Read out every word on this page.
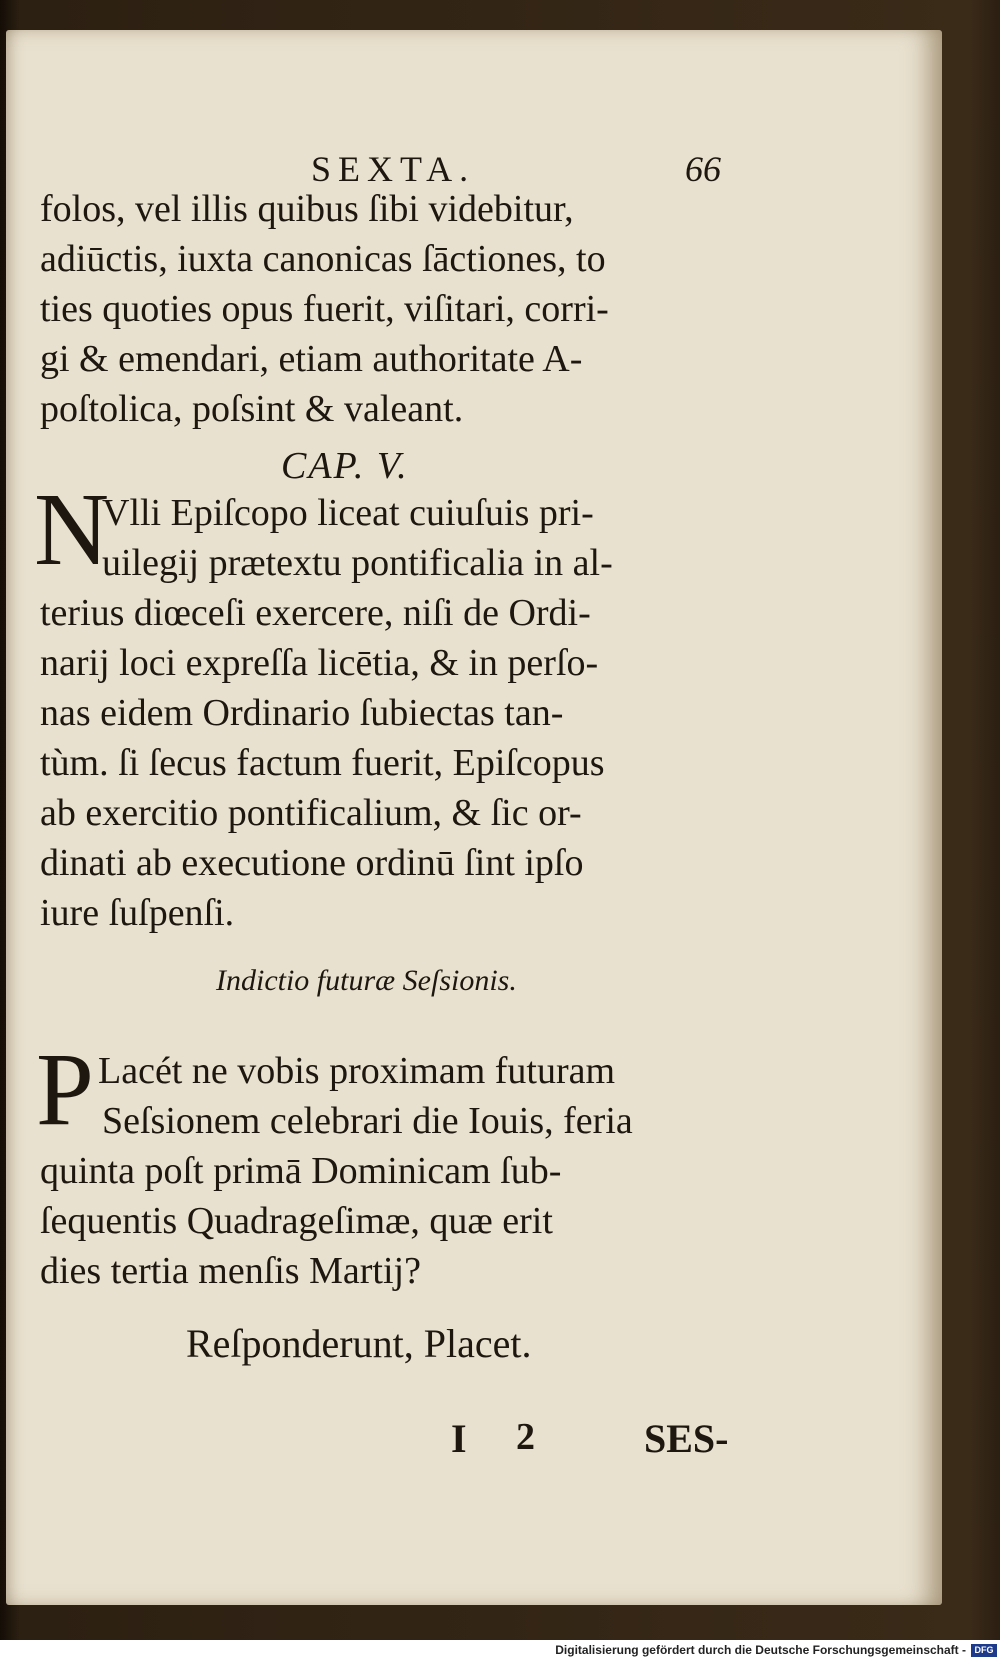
SEXTA.	66
folos, vel illis quibus ſibi videbitur,
adiūctis, iuxta canonicas ſāctiones, to
ties quoties opus fuerit, viſitari, corri-
gi & emendari, etiam authoritate A-
poſtolica, poſsint & valeant.
CAP. V.
N
Vlli Epiſcopo liceat cuiuſuis pri-
uilegij prætextu pontificalia in al-
terius diœceſi exercere, niſi de Ordi-
narij loci expreſſa licētia, & in perſo-
nas eidem Ordinario ſubiectas tan-
tùm. ſi ſecus factum fuerit, Epiſcopus
ab exercitio pontificalium, & ſic or-
dinati ab executione ordinū ſint ipſo
iure ſuſpenſi.
Indictio futuræ Seſsionis.
P Lacét ne vobis proximam futuram
Seſsionem celebrari die Iouis, feria
quinta poſt primā Dominicam ſub-
ſequentis Quadrageſimæ, quæ erit
dies tertia menſis Martij?
Reſponderunt, Placet.
I 2	SES-
Digitalisierung gefördert durch die Deutsche Forschungsgemeinschaft - DFG
